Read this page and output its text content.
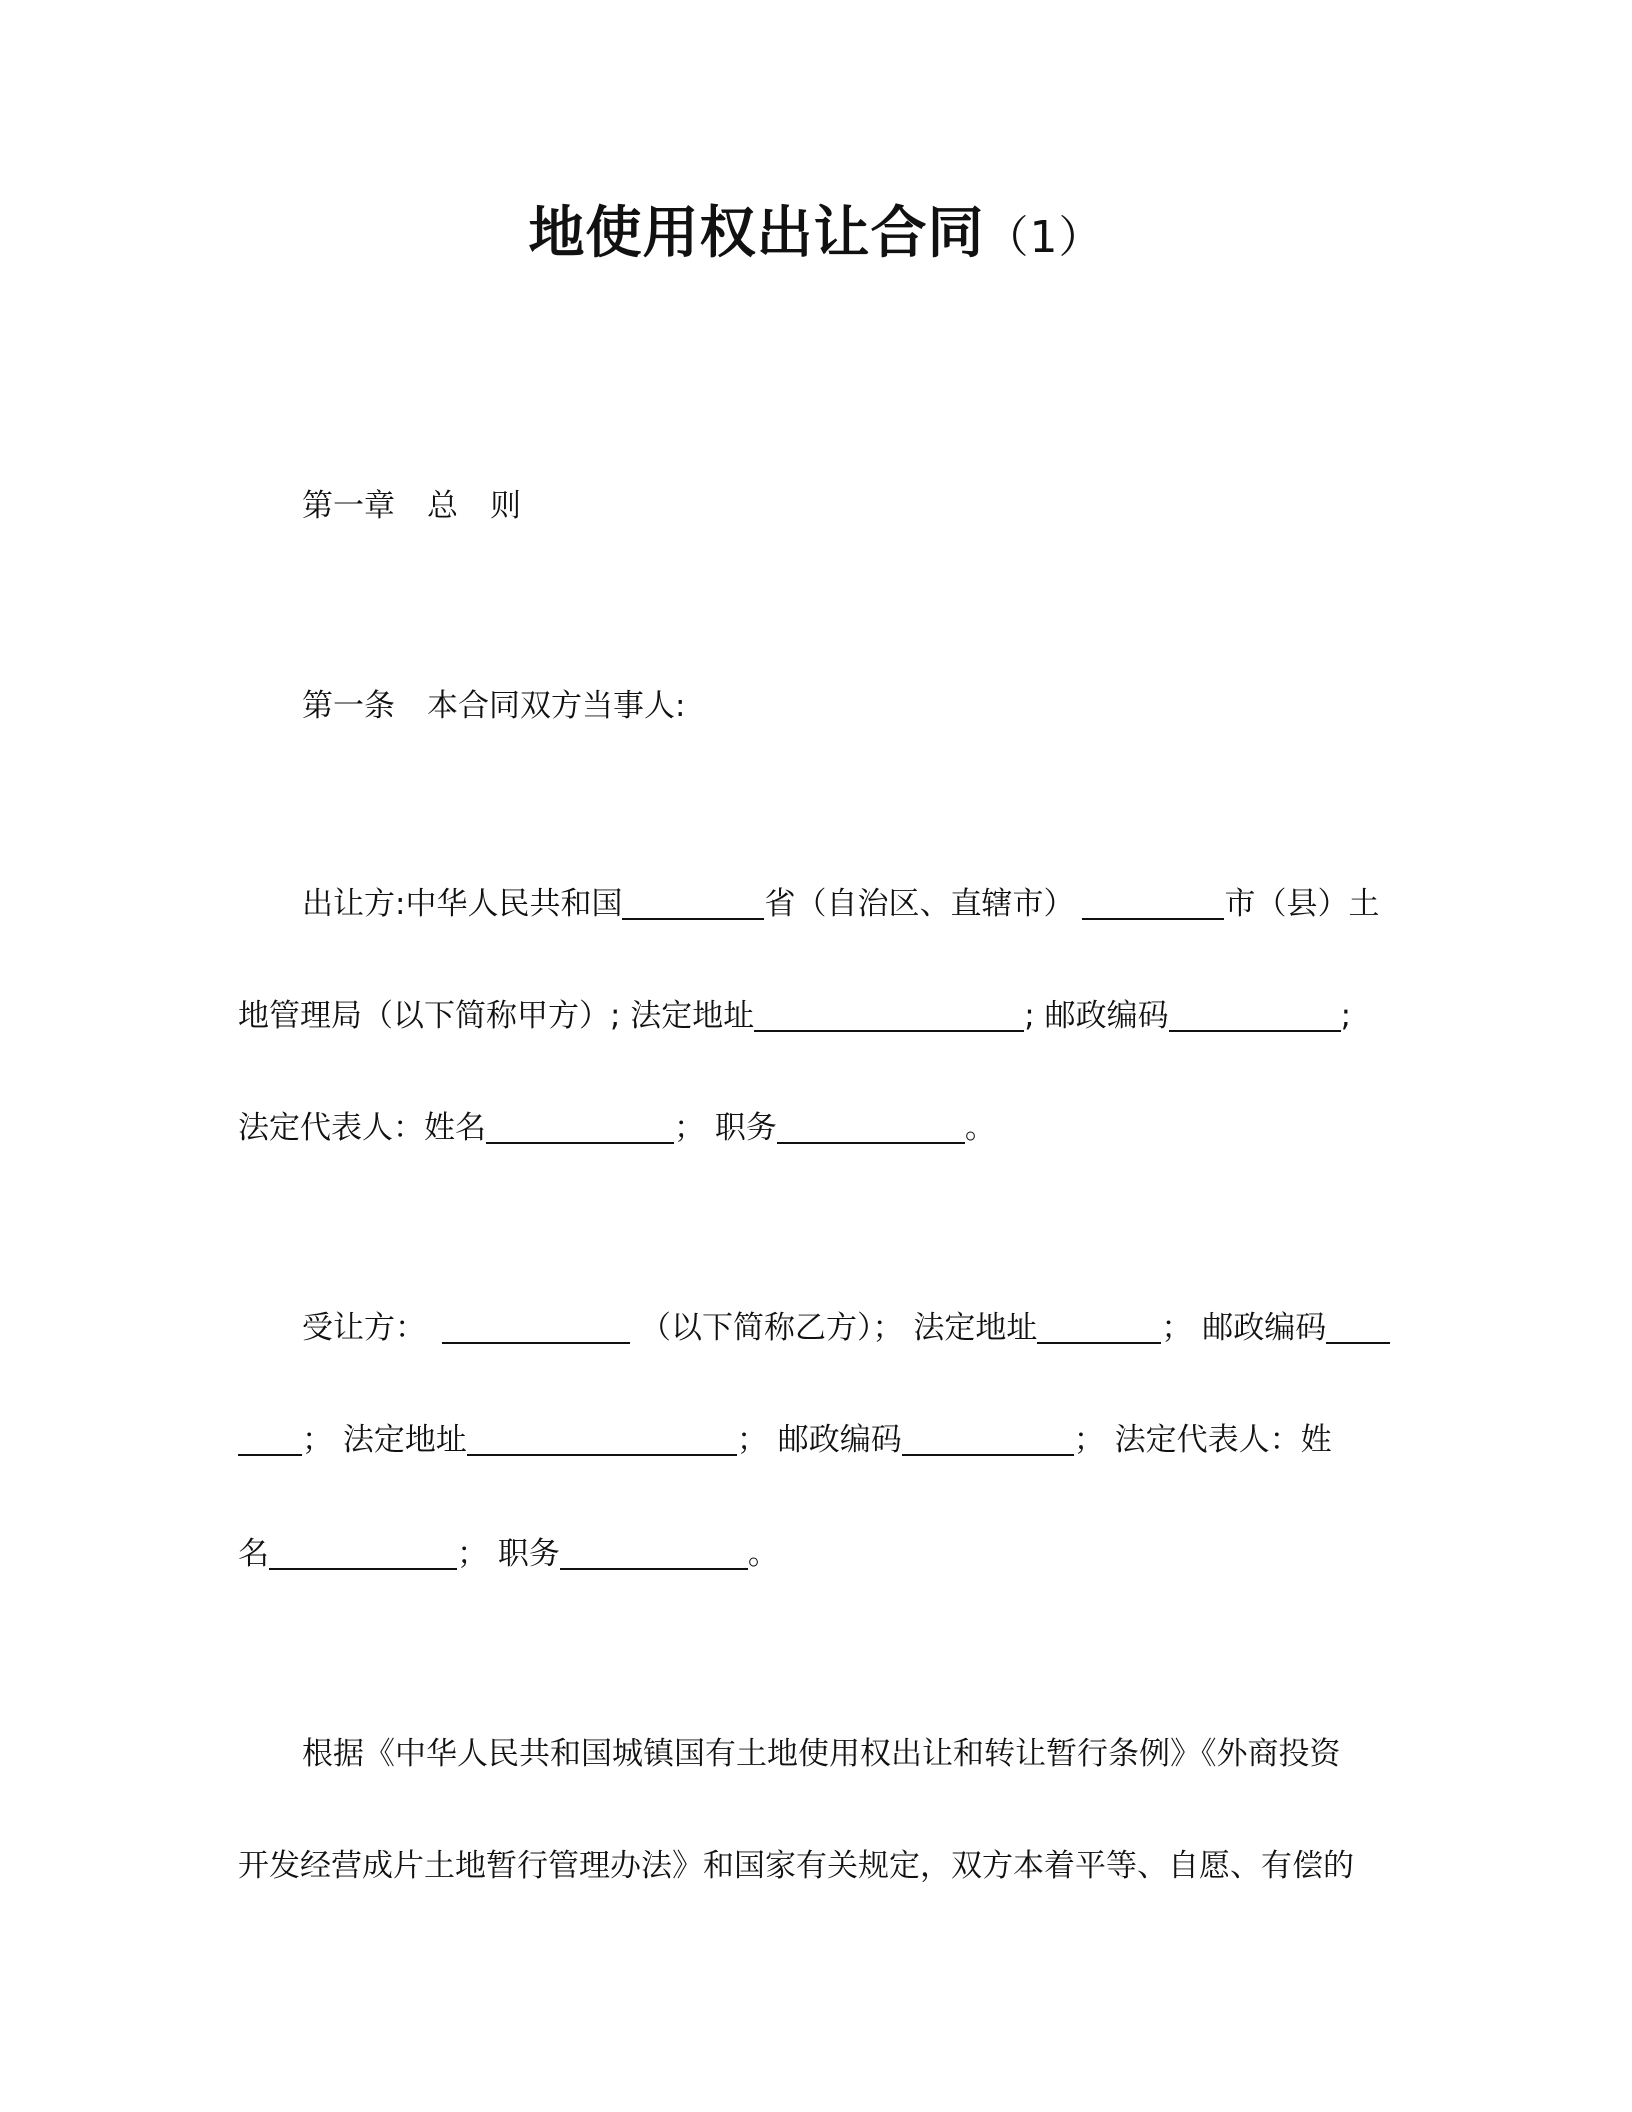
地使用权出让合同（1）
第一章 总 则
第一条 本合同双方当事人:
出让方:中华人民共和国	省（自治区、直辖市）	市（县）土
地管理局（以下简称甲方）; 法定地址	; 邮政编码	;
法定代表人：姓名	； 职务	。
受让方：	（以下简称乙方）； 法定地址	； 邮政编码
； 法定地址	； 邮政编码	； 法定代表人：姓
名	； 职务	。
根据《中华人民共和国城镇国有土地使用权出让和转让暂行条例》《外商投资
开发经营成片土地暂行管理办法》和国家有关规定，双方本着平等、自愿、有偿的
